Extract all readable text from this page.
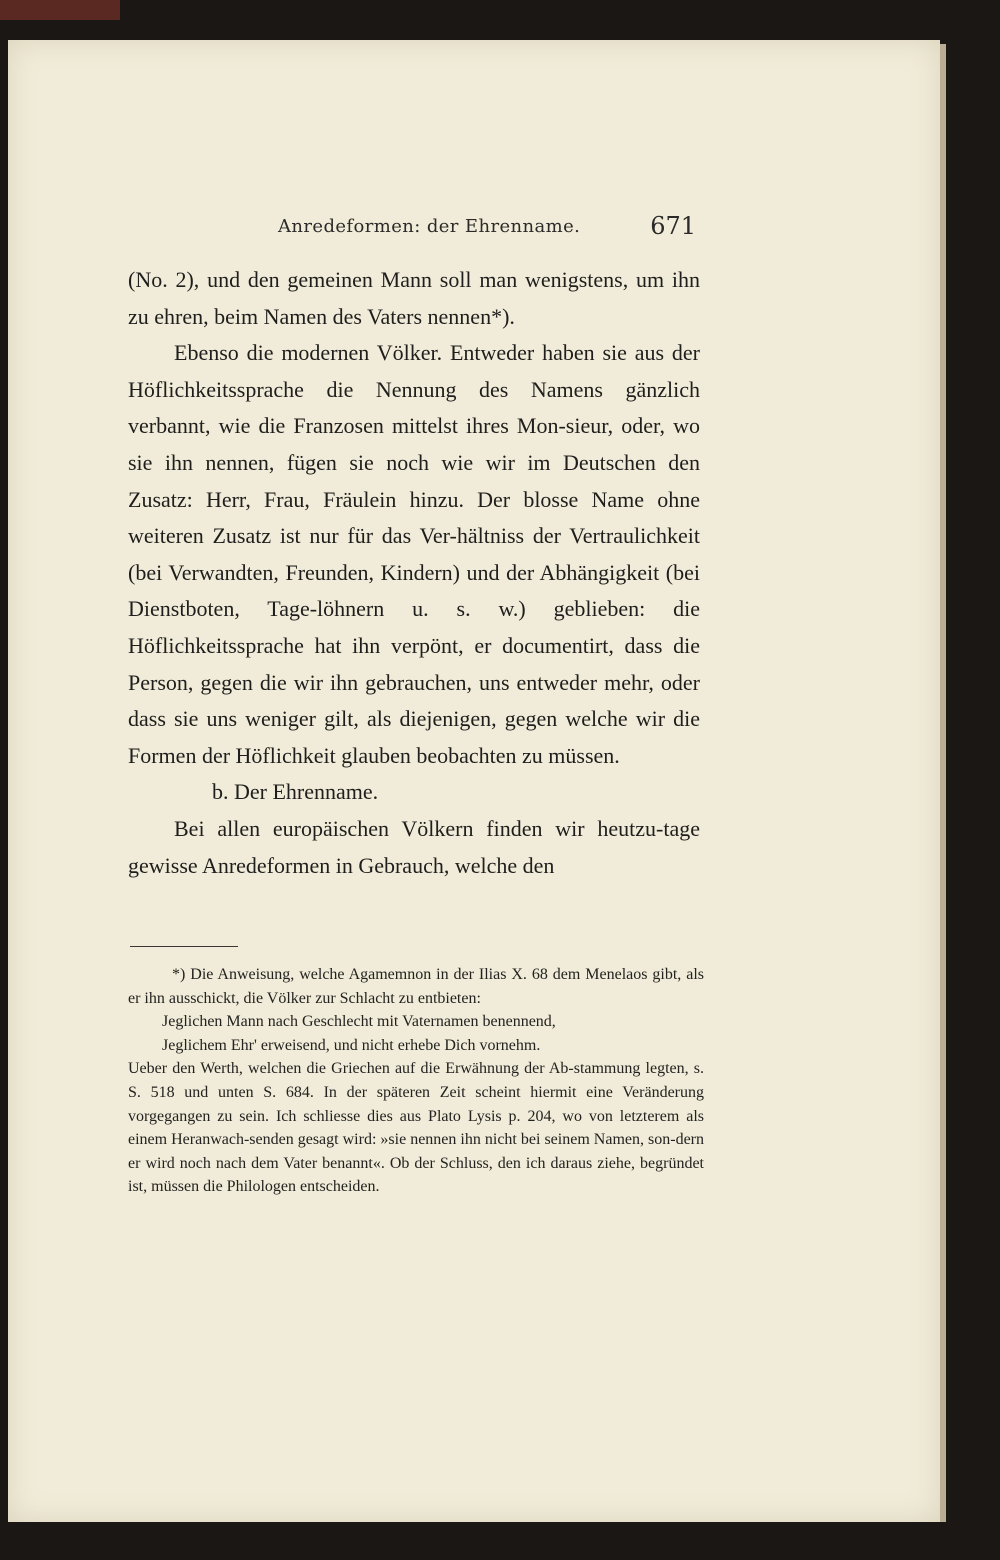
Anredeformen: der Ehrenname.	671

(No. 2), und den gemeinen Mann soll man wenigstens, um ihn zu ehren, beim Namen des Vaters nennen*).

Ebenso die modernen Völker. Entweder haben sie aus der Höflichkeitssprache die Nennung des Namens gänzlich verbannt, wie die Franzosen mittelst ihres Mon-sieur, oder, wo sie ihn nennen, fügen sie noch wie wir im Deutschen den Zusatz: Herr, Frau, Fräulein hinzu. Der blosse Name ohne weiteren Zusatz ist nur für das Ver-hältniss der Vertraulichkeit (bei Verwandten, Freunden, Kindern) und der Abhängigkeit (bei Dienstboten, Tage-löhnern u. s. w.) geblieben: die Höflichkeitssprache hat ihn verpönt, er documentirt, dass die Person, gegen die wir ihn gebrauchen, uns entweder mehr, oder dass sie uns weniger gilt, als diejenigen, gegen welche wir die Formen der Höflichkeit glauben beobachten zu müssen.

b. Der Ehrenname.

Bei allen europäischen Völkern finden wir heutzu-tage gewisse Anredeformen in Gebrauch, welche den

*) Die Anweisung, welche Agamemnon in der Ilias X. 68 dem Menelaos gibt, als er ihn ausschickt, die Völker zur Schlacht zu entbieten:

Jeglichen Mann nach Geschlecht mit Vaternamen benennend,

Jeglichem Ehr' erweisend, und nicht erhebe Dich vornehm.

Ueber den Werth, welchen die Griechen auf die Erwähnung der Ab-stammung legten, s. S. 518 und unten S. 684. In der späteren Zeit scheint hiermit eine Veränderung vorgegangen zu sein. Ich schliesse dies aus Plato Lysis p. 204, wo von letzterem als einem Heranwach-senden gesagt wird: »sie nennen ihn nicht bei seinem Namen, son-dern er wird noch nach dem Vater benannt«. Ob der Schluss, den ich daraus ziehe, begründet ist, müssen die Philologen entscheiden.
